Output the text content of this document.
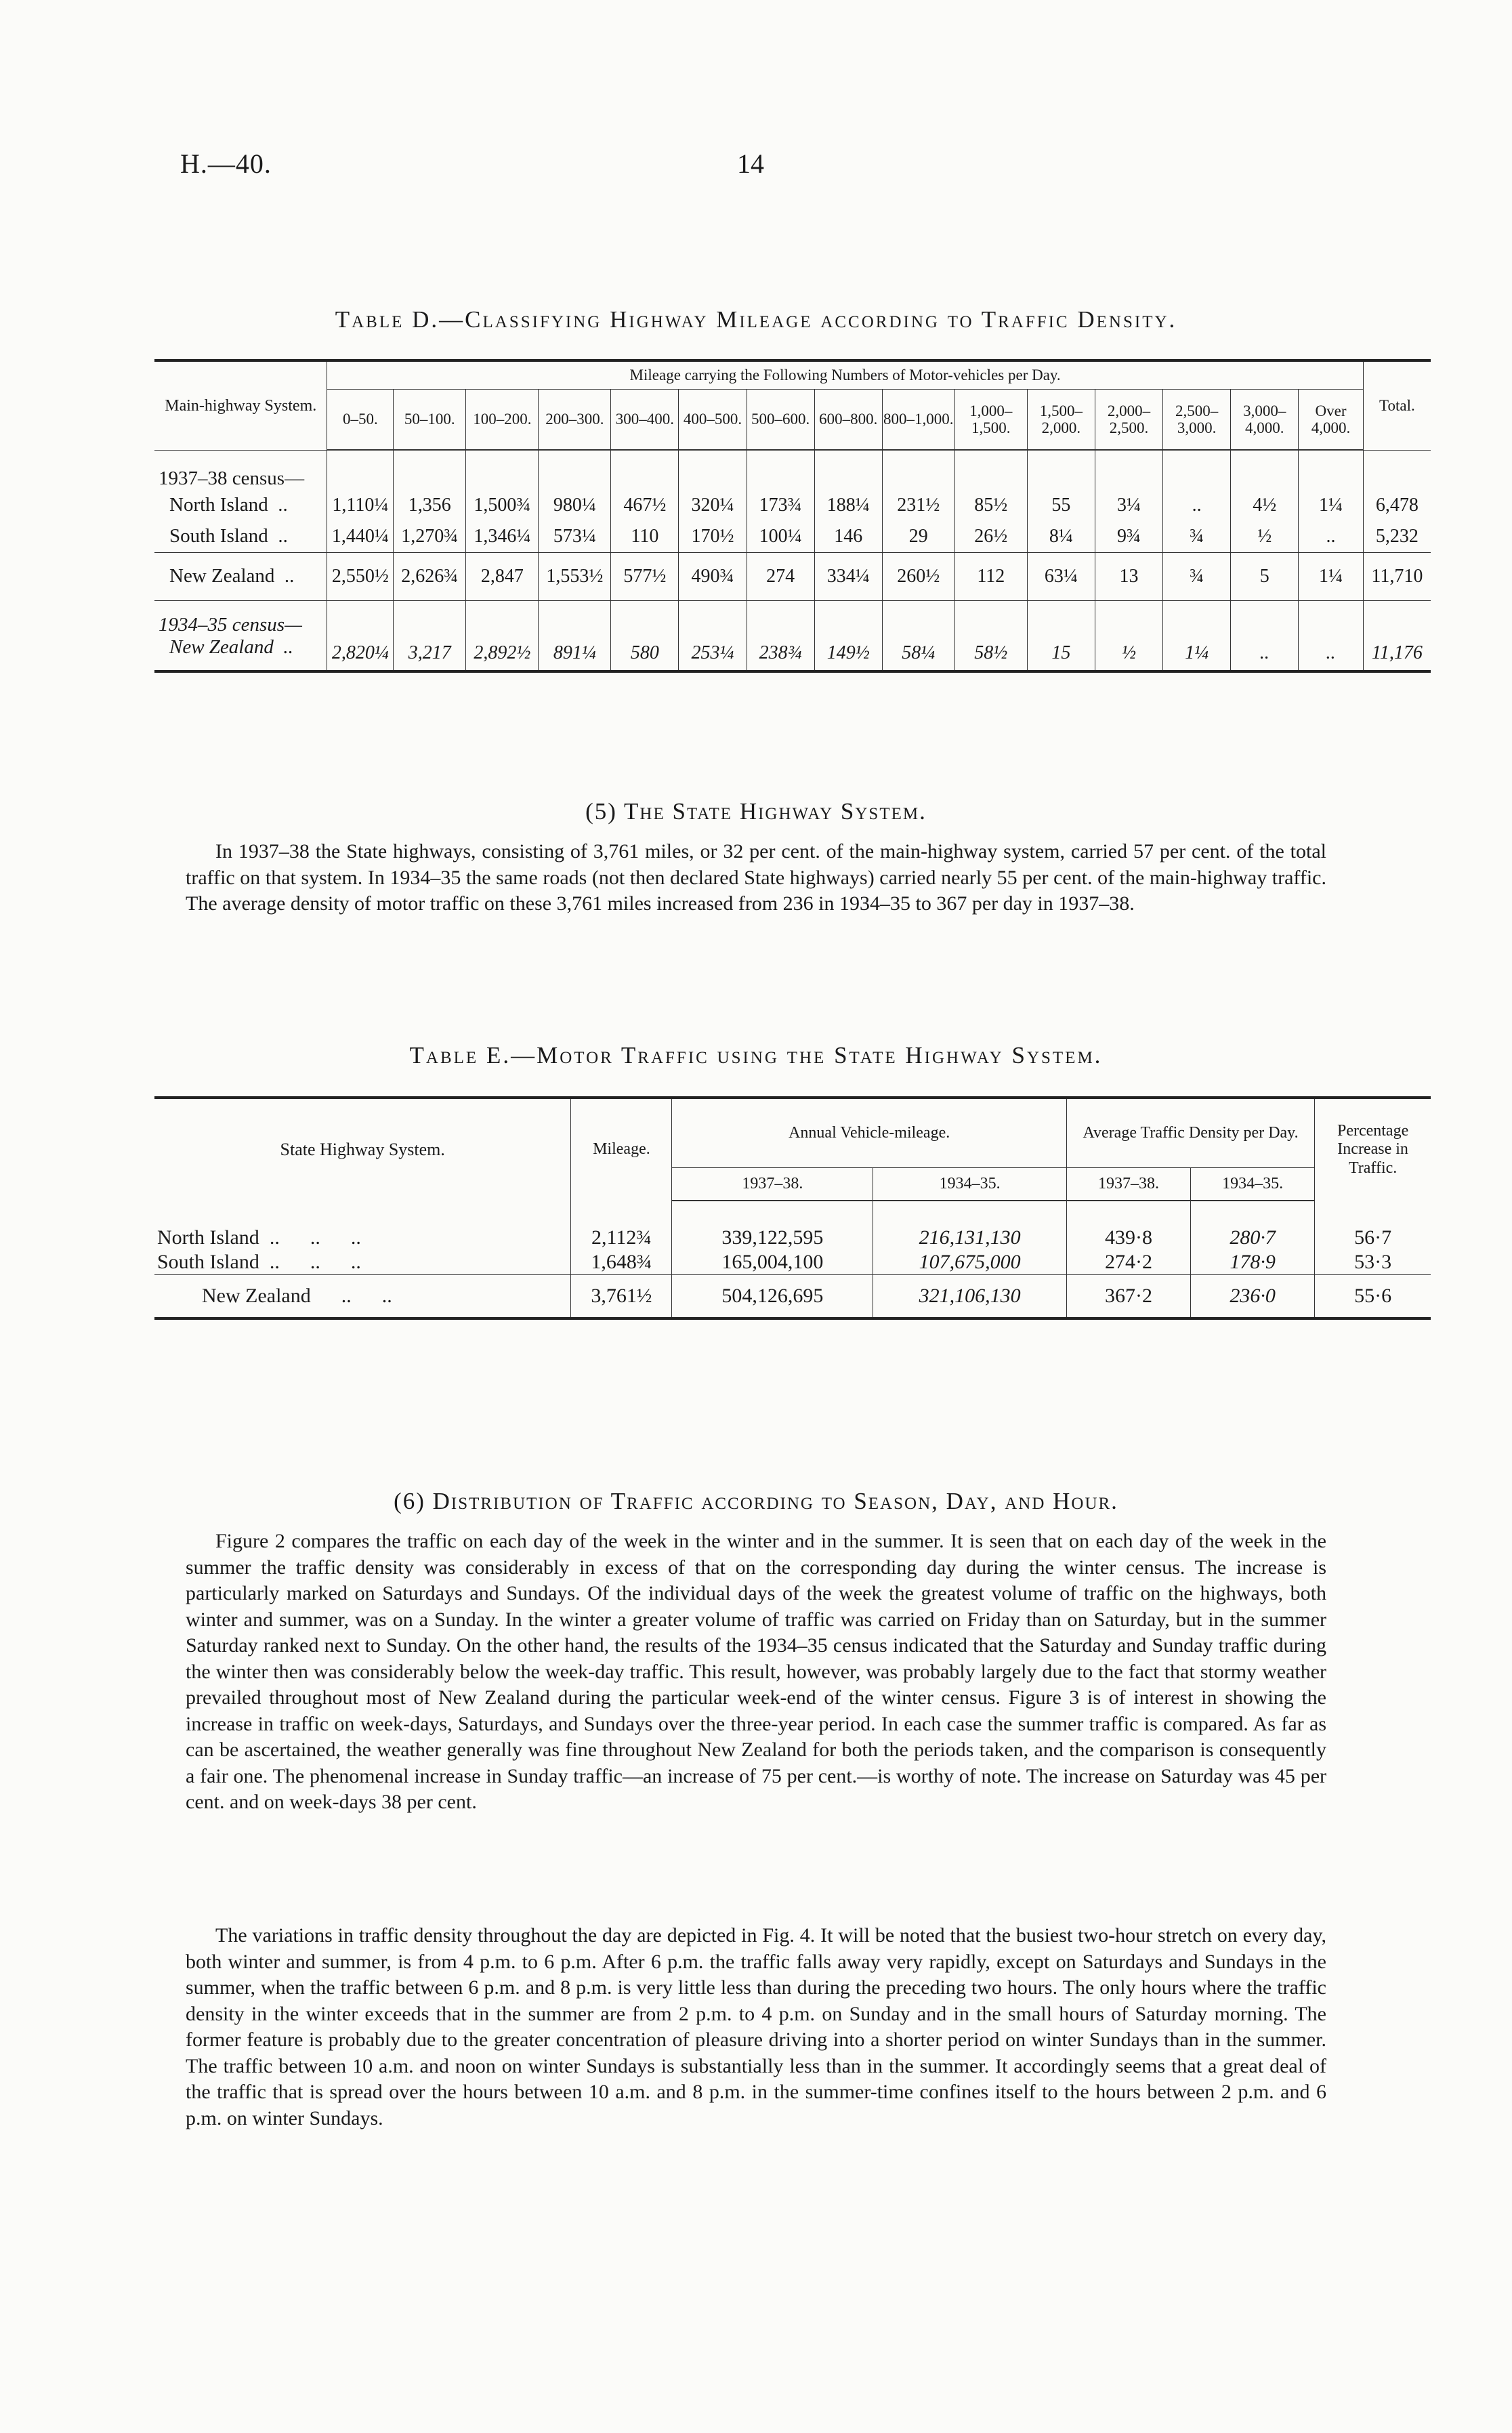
H.—40.	14
Table D.—Classifying Highway Mileage according to Traffic Density.
Main-highway System.	Mileage carrying the Following Numbers of Motor-vehicles per Day.															Total.
	0–50.	50–100.	100–200.	200–300.	300–400.	400–500.	500–600.	600–800.	800–1,000.	1,000–1,500.	1,500–2,000.	2,000–2,500.	2,500–3,000.	3,000–4,000.	Over 4,000.	
1937–38 census—																
North Island  ..	1,110¼	1,356	1,500¾	980¼	467½	320¼	173¾	188¼	231½	85½	55	3¼	..	4½	1¼	6,478
South Island  ..	1,440¼	1,270¾	1,346¼	573¼	110	170½	100¼	146	29	26½	8¼	9¾	¾	½	..	5,232
New Zealand  ..	2,550½	2,626¾	2,847	1,553½	577½	490¾	274	334¼	260½	112	63¼	13	¾	5	1¼	11,710
1934–35 census—																
New Zealand  ..	2,820¼	3,217	2,892½	891¼	580	253¼	238¾	149½	58¼	58½	15	½	1¼	..	..	11,176
(5) The State Highway System.
In 1937–38 the State highways, consisting of 3,761 miles, or 32 per cent. of the main-highway system, carried 57 per cent. of the total traffic on that system. In 1934–35 the same roads (not then declared State highways) carried nearly 55 per cent. of the main-highway traffic. The average density of motor traffic on these 3,761 miles increased from 236 in 1934–35 to 367 per day in 1937–38.
Table E.—Motor Traffic using the State Highway System.
State Highway System.	Mileage.	Annual Vehicle-mileage.		Average Traffic Density per Day.		Percentage Increase in Traffic.
		1937–38.	1934–35.	1937–38.	1934–35.	

North Island  ..      ..      ..	2,112¾	339,122,595	216,131,130	439·8	280·7	56·7
South Island  ..      ..      ..	1,648¾	165,004,100	107,675,000	274·2	178·9	53·3
New Zealand      ..      ..	3,761½	504,126,695	321,106,130	367·2	236·0	55·6
(6) Distribution of Traffic according to Season, Day, and Hour.
Figure 2 compares the traffic on each day of the week in the winter and in the summer. It is seen that on each day of the week in the summer the traffic density was considerably in excess of that on the corresponding day during the winter census. The increase is particularly marked on Saturdays and Sundays. Of the individual days of the week the greatest volume of traffic on the highways, both winter and summer, was on a Sunday. In the winter a greater volume of traffic was carried on Friday than on Saturday, but in the summer Saturday ranked next to Sunday. On the other hand, the results of the 1934–35 census indicated that the Saturday and Sunday traffic during the winter then was considerably below the week-day traffic. This result, however, was probably largely due to the fact that stormy weather prevailed throughout most of New Zealand during the particular week-end of the winter census. Figure 3 is of interest in showing the increase in traffic on week-days, Saturdays, and Sundays over the three-year period. In each case the summer traffic is compared. As far as can be ascertained, the weather generally was fine throughout New Zealand for both the periods taken, and the comparison is consequently a fair one. The phenomenal increase in Sunday traffic—an increase of 75 per cent.—is worthy of note. The increase on Saturday was 45 per cent. and on week-days 38 per cent.
The variations in traffic density throughout the day are depicted in Fig. 4. It will be noted that the busiest two-hour stretch on every day, both winter and summer, is from 4 p.m. to 6 p.m. After 6 p.m. the traffic falls away very rapidly, except on Saturdays and Sundays in the summer, when the traffic between 6 p.m. and 8 p.m. is very little less than during the preceding two hours. The only hours where the traffic density in the winter exceeds that in the summer are from 2 p.m. to 4 p.m. on Sunday and in the small hours of Saturday morning. The former feature is probably due to the greater concentration of pleasure driving into a shorter period on winter Sundays than in the summer. The traffic between 10 a.m. and noon on winter Sundays is substantially less than in the summer. It accordingly seems that a great deal of the traffic that is spread over the hours between 10 a.m. and 8 p.m. in the summer-time confines itself to the hours between 2 p.m. and 6 p.m. on winter Sundays.
